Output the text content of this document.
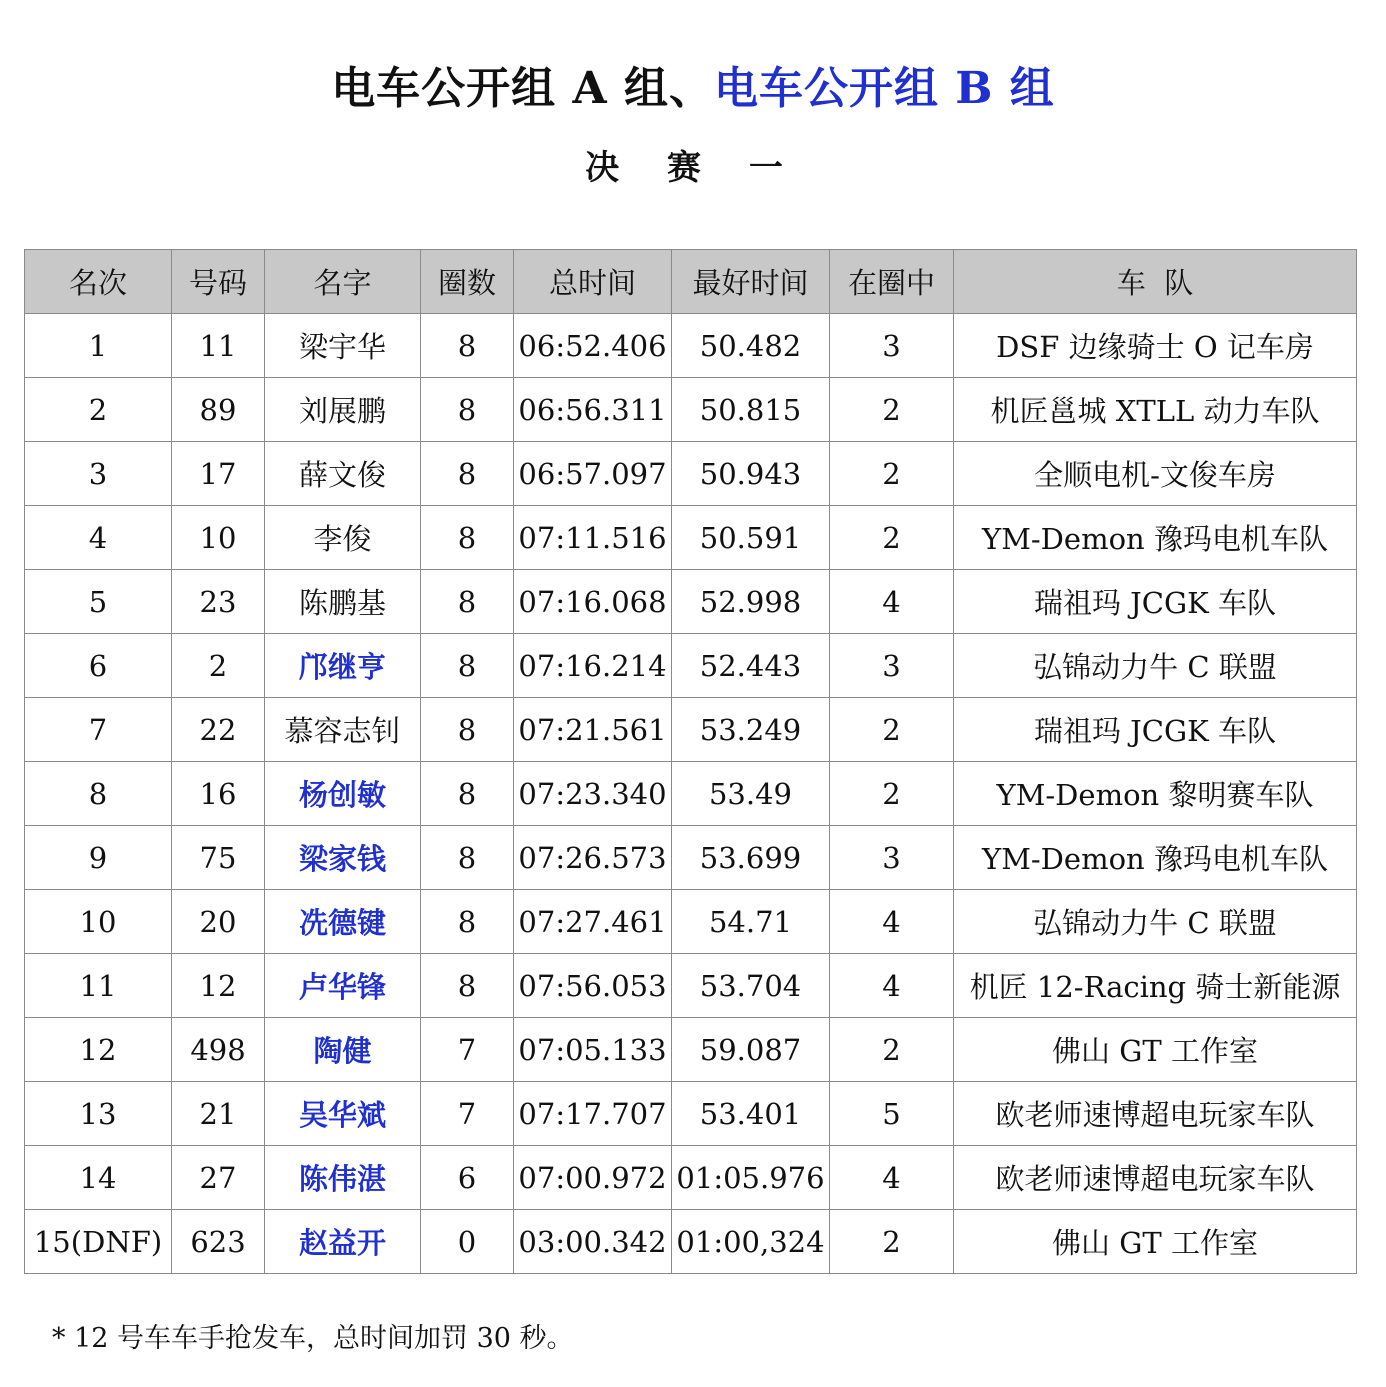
电车公开组 A 组、电车公开组 B 组
决 赛 一
名次	号码	名字	圈数	总时间	最好时间	在圈中	车  队
1	11	梁宇华	8	06:52.406	50.482	3	DSF 边缘骑士 O 记车房
2	89	刘展鹏	8	06:56.311	50.815	2	机匠邕城 XTLL 动力车队
3	17	薛文俊	8	06:57.097	50.943	2	全顺电机-文俊车房
4	10	李俊	8	07:11.516	50.591	2	YM-Demon 豫玛电机车队
5	23	陈鹏基	8	07:16.068	52.998	4	瑞祖玛 JCGK 车队
6	2	邝继亨	8	07:16.214	52.443	3	弘锦动力牛 C 联盟
7	22	慕容志钊	8	07:21.561	53.249	2	瑞祖玛 JCGK 车队
8	16	杨创敏	8	07:23.340	53.49	2	YM-Demon 黎明赛车队
9	75	梁家钱	8	07:26.573	53.699	3	YM-Demon 豫玛电机车队
10	20	冼德键	8	07:27.461	54.71	4	弘锦动力牛 C 联盟
11	12	卢华锋	8	07:56.053	53.704	4	机匠 12-Racing 骑士新能源
12	498	陶健	7	07:05.133	59.087	2	佛山 GT 工作室
13	21	吴华斌	7	07:17.707	53.401	5	欧老师速博超电玩家车队
14	27	陈伟湛	6	07:00.972	01:05.976	4	欧老师速博超电玩家车队
15(DNF)	623	赵益开	0	03:00.342	01:00,324	2	佛山 GT 工作室
* 12 号车车手抢发车，总时间加罚 30 秒。
